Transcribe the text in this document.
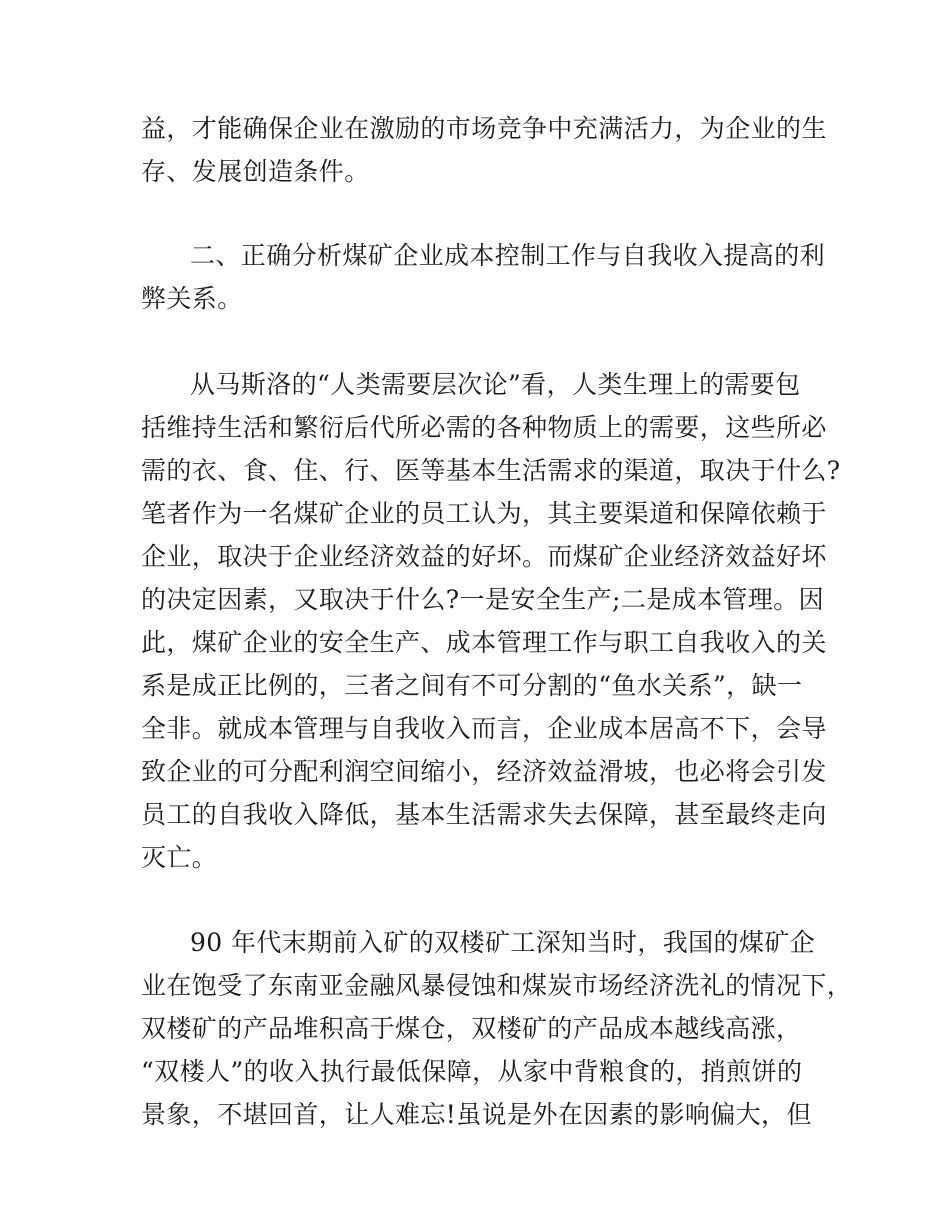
益，才能确保企业在激励的市场竞争中充满活力，为企业的生
存、发展创造条件。
二、正确分析煤矿企业成本控制工作与自我收入提高的利
弊关系。
从马斯洛的“人类需要层次论”看，人类生理上的需要包
括维持生活和繁衍后代所必需的各种物质上的需要，这些所必
需的衣、食、住、行、医等基本生活需求的渠道，取决于什么?
笔者作为一名煤矿企业的员工认为，其主要渠道和保障依赖于
企业，取决于企业经济效益的好坏。而煤矿企业经济效益好坏
的决定因素，又取决于什么?一是安全生产;二是成本管理。因
此，煤矿企业的安全生产、成本管理工作与职工自我收入的关
系是成正比例的，三者之间有不可分割的“鱼水关系”，缺一
全非。就成本管理与自我收入而言，企业成本居高不下，会导
致企业的可分配利润空间缩小，经济效益滑坡，也必将会引发
员工的自我收入降低，基本生活需求失去保障，甚至最终走向
灭亡。
90 年代末期前入矿的双楼矿工深知当时，我国的煤矿企
业在饱受了东南亚金融风暴侵蚀和煤炭市场经济洗礼的情况下，
双楼矿的产品堆积高于煤仓，双楼矿的产品成本越线高涨，
“双楼人”的收入执行最低保障，从家中背粮食的，捎煎饼的
景象，不堪回首，让人难忘!虽说是外在因素的影响偏大，但
